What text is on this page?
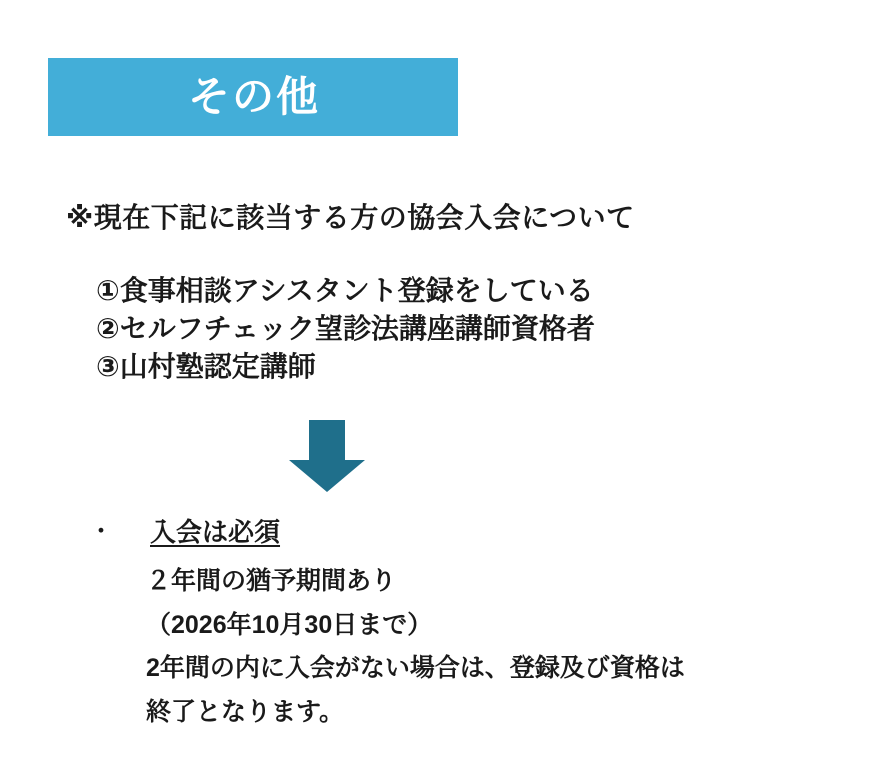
その他
※現在下記に該当する方の協会入会について
①食事相談アシスタント登録をしている
②セルフチェック望診法講座講師資格者
③山村塾認定講師
・ 入会は必須
２年間の猶予期間あり
（2026年10月30日まで）
2年間の内に入会がない場合は、登録及び資格は
終了となります。
